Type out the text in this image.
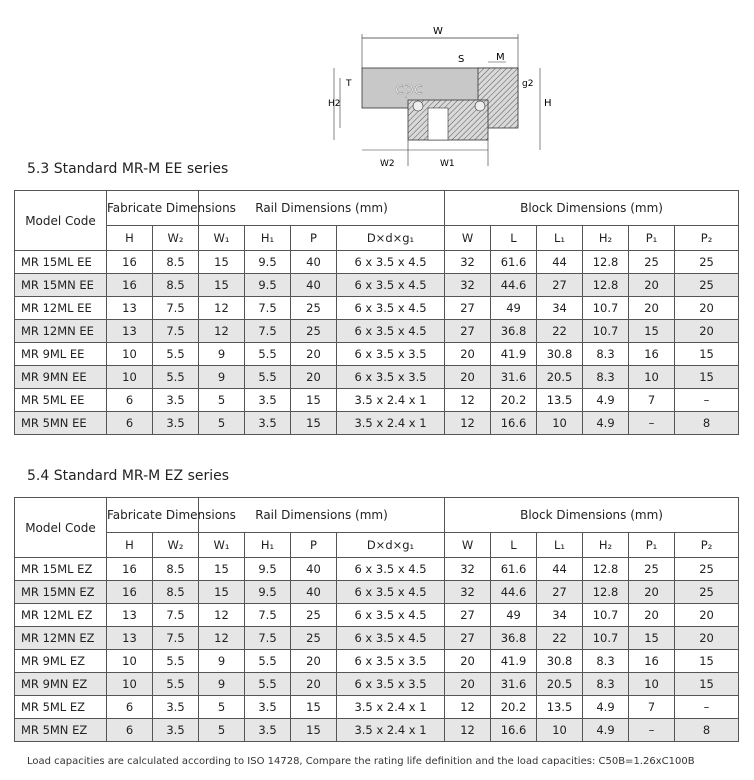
W
cpc
M
S
g2
T
H2	H
W2	W1
5.3 Standard MR-M EE series
Model Code	Fabricate Dimensions		Rail Dimensions (mm)				Block Dimensions (mm)					
	H	W₂	W₁	H₁	P	D×d×g₁	W	L	L₁	H₂	P₁	P₂
MR 15ML EE	16	8.5	15	9.5	40	6 x 3.5 x 4.5	32	61.6	44	12.8	25	25
MR 15MN EE	16	8.5	15	9.5	40	6 x 3.5 x 4.5	32	44.6	27	12.8	20	25
MR 12ML EE	13	7.5	12	7.5	25	6 x 3.5 x 4.5	27	49	34	10.7	20	20
MR 12MN EE	13	7.5	12	7.5	25	6 x 3.5 x 4.5	27	36.8	22	10.7	15	20
MR 9ML EE	10	5.5	9	5.5	20	6 x 3.5 x 3.5	20	41.9	30.8	8.3	16	15
MR 9MN EE	10	5.5	9	5.5	20	6 x 3.5 x 3.5	20	31.6	20.5	8.3	10	15
MR 5ML EE	6	3.5	5	3.5	15	3.5 x 2.4 x 1	12	20.2	13.5	4.9	7	–
MR 5MN EE	6	3.5	5	3.5	15	3.5 x 2.4 x 1	12	16.6	10	4.9	–	8
5.4 Standard MR-M EZ series
Model Code	Fabricate Dimensions		Rail Dimensions (mm)				Block Dimensions (mm)					
	H	W₂	W₁	H₁	P	D×d×g₁	W	L	L₁	H₂	P₁	P₂
MR 15ML EZ	16	8.5	15	9.5	40	6 x 3.5 x 4.5	32	61.6	44	12.8	25	25
MR 15MN EZ	16	8.5	15	9.5	40	6 x 3.5 x 4.5	32	44.6	27	12.8	20	25
MR 12ML EZ	13	7.5	12	7.5	25	6 x 3.5 x 4.5	27	49	34	10.7	20	20
MR 12MN EZ	13	7.5	12	7.5	25	6 x 3.5 x 4.5	27	36.8	22	10.7	15	20
MR 9ML EZ	10	5.5	9	5.5	20	6 x 3.5 x 3.5	20	41.9	30.8	8.3	16	15
MR 9MN EZ	10	5.5	9	5.5	20	6 x 3.5 x 3.5	20	31.6	20.5	8.3	10	15
MR 5ML EZ	6	3.5	5	3.5	15	3.5 x 2.4 x 1	12	20.2	13.5	4.9	7	–
MR 5MN EZ	6	3.5	5	3.5	15	3.5 x 2.4 x 1	12	16.6	10	4.9	–	8
Load capacities are calculated according to ISO 14728, Compare the rating life definition and the load capacities: C50B=1.26xC100B
